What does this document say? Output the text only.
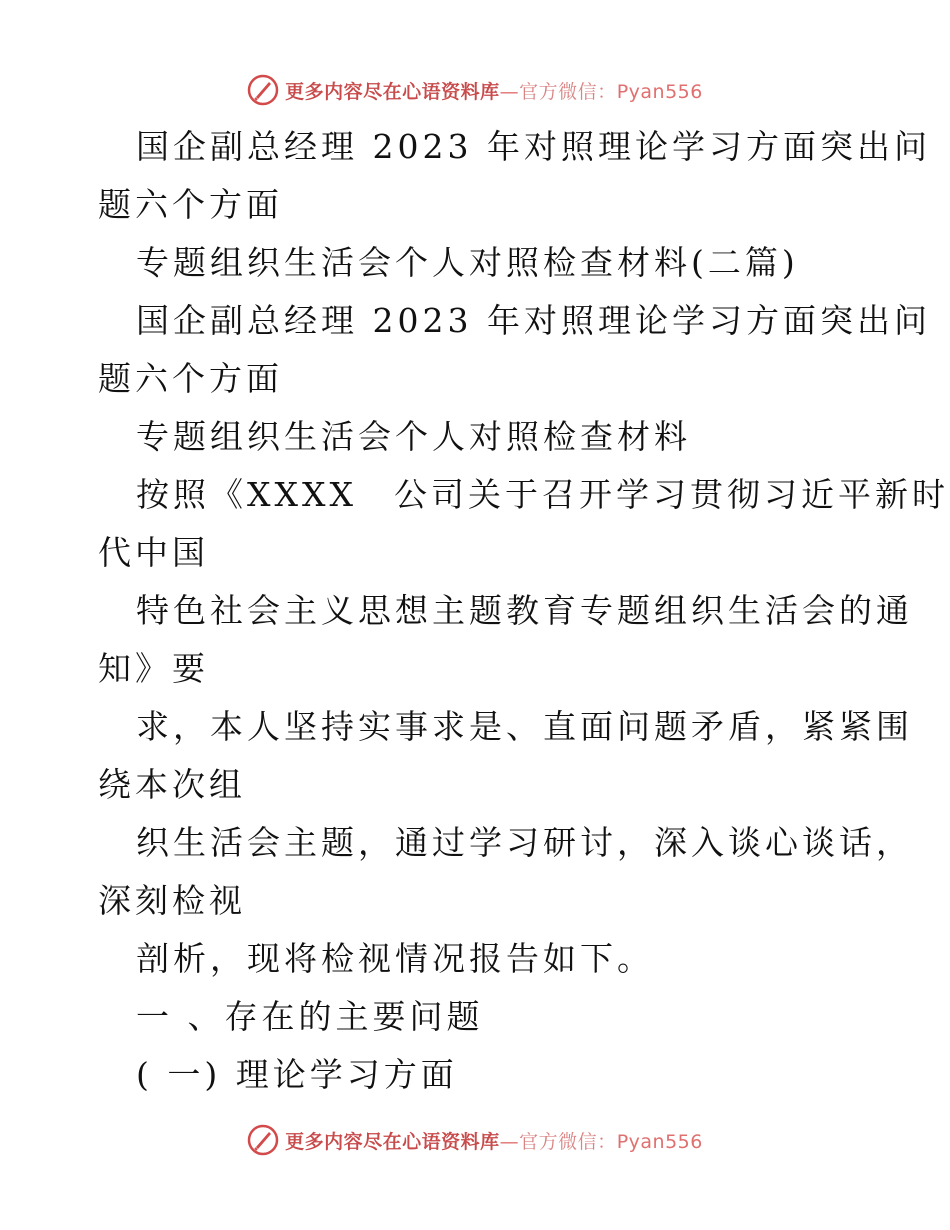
更多内容尽在心语资料库—官方微信：Pyan556
国企副总经理 2023 年对照理论学习方面突出问
题六个方面
专题组织生活会个人对照检查材料(二篇)
国企副总经理 2023 年对照理论学习方面突出问
题六个方面
专题组织生活会个人对照检查材料
按照《XXXX　公司关于召开学习贯彻习近平新时
代中国
特色社会主义思想主题教育专题组织生活会的通
知》要
求，本人坚持实事求是、直面问题矛盾，紧紧围
绕本次组
织生活会主题，通过学习研讨，深入谈心谈话，
深刻检视
剖析，现将检视情况报告如下。
一 、存在的主要问题
( 一) 理论学习方面
更多内容尽在心语资料库—官方微信：Pyan556
